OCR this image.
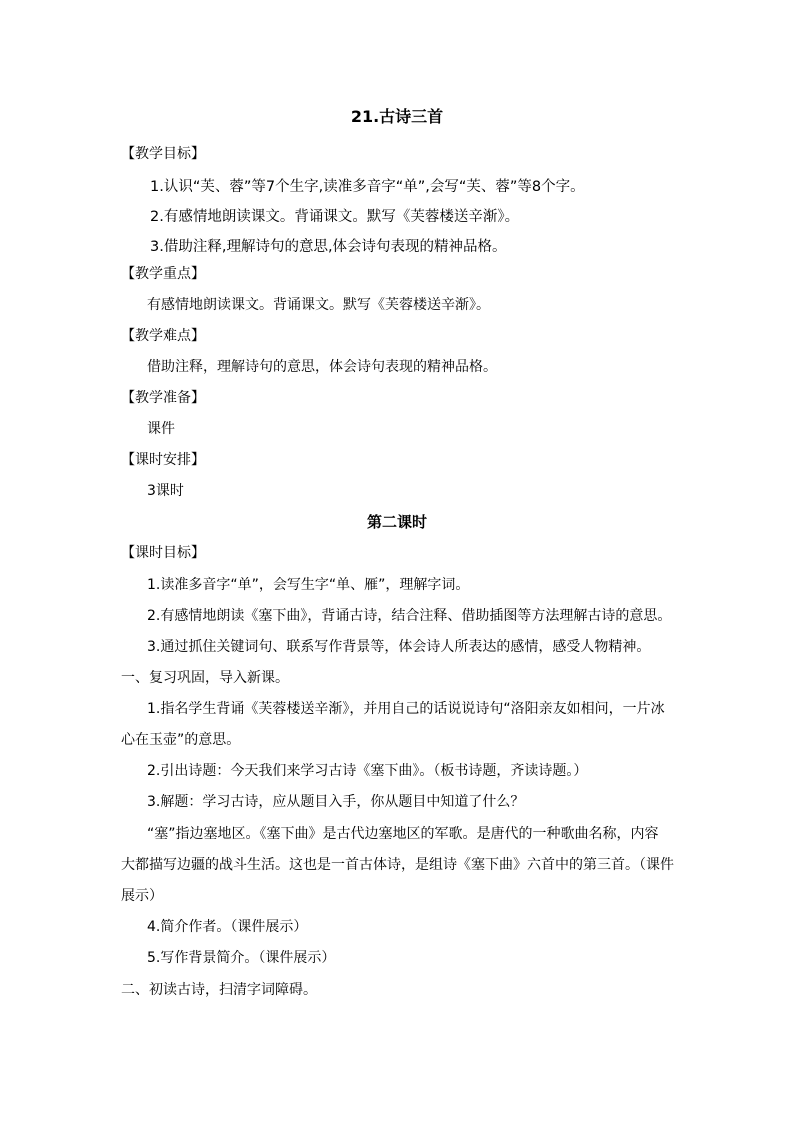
21.古诗三首
【教学目标】
1.认识“芙、蓉”等7个生字,读准多音字“单”,会写“芙、蓉”等8个字。
2.有感情地朗读课文。背诵课文。默写《芙蓉楼送辛渐》。
3.借助注释,理解诗句的意思,体会诗句表现的精神品格。
【教学重点】
有感情地朗读课文。背诵课文。默写《芙蓉楼送辛渐》。
【教学难点】
借助注释，理解诗句的意思，体会诗句表现的精神品格。
【教学准备】
课件
【课时安排】
3课时
第二课时
【课时目标】
1.读准多音字“单”，会写生字“单、雁”，理解字词。
2.有感情地朗读《塞下曲》，背诵古诗，结合注释、借助插图等方法理解古诗的意思。
3.通过抓住关键词句、联系写作背景等，体会诗人所表达的感情，感受人物精神。
一、复习巩固，导入新课。
1.指名学生背诵《芙蓉楼送辛渐》，并用自己的话说说诗句“洛阳亲友如相问，一片冰
心在玉壶”的意思。
2.引出诗题：今天我们来学习古诗《塞下曲》。（板书诗题，齐读诗题。）
3.解题：学习古诗，应从题目入手，你从题目中知道了什么？
“塞”指边塞地区。《塞下曲》是古代边塞地区的军歌。是唐代的一种歌曲名称，内容
大都描写边疆的战斗生活。这也是一首古体诗，是组诗《塞下曲》六首中的第三首。（课件
展示）
4.简介作者。（课件展示）
5.写作背景简介。（课件展示）
二、初读古诗，扫清字词障碍。
